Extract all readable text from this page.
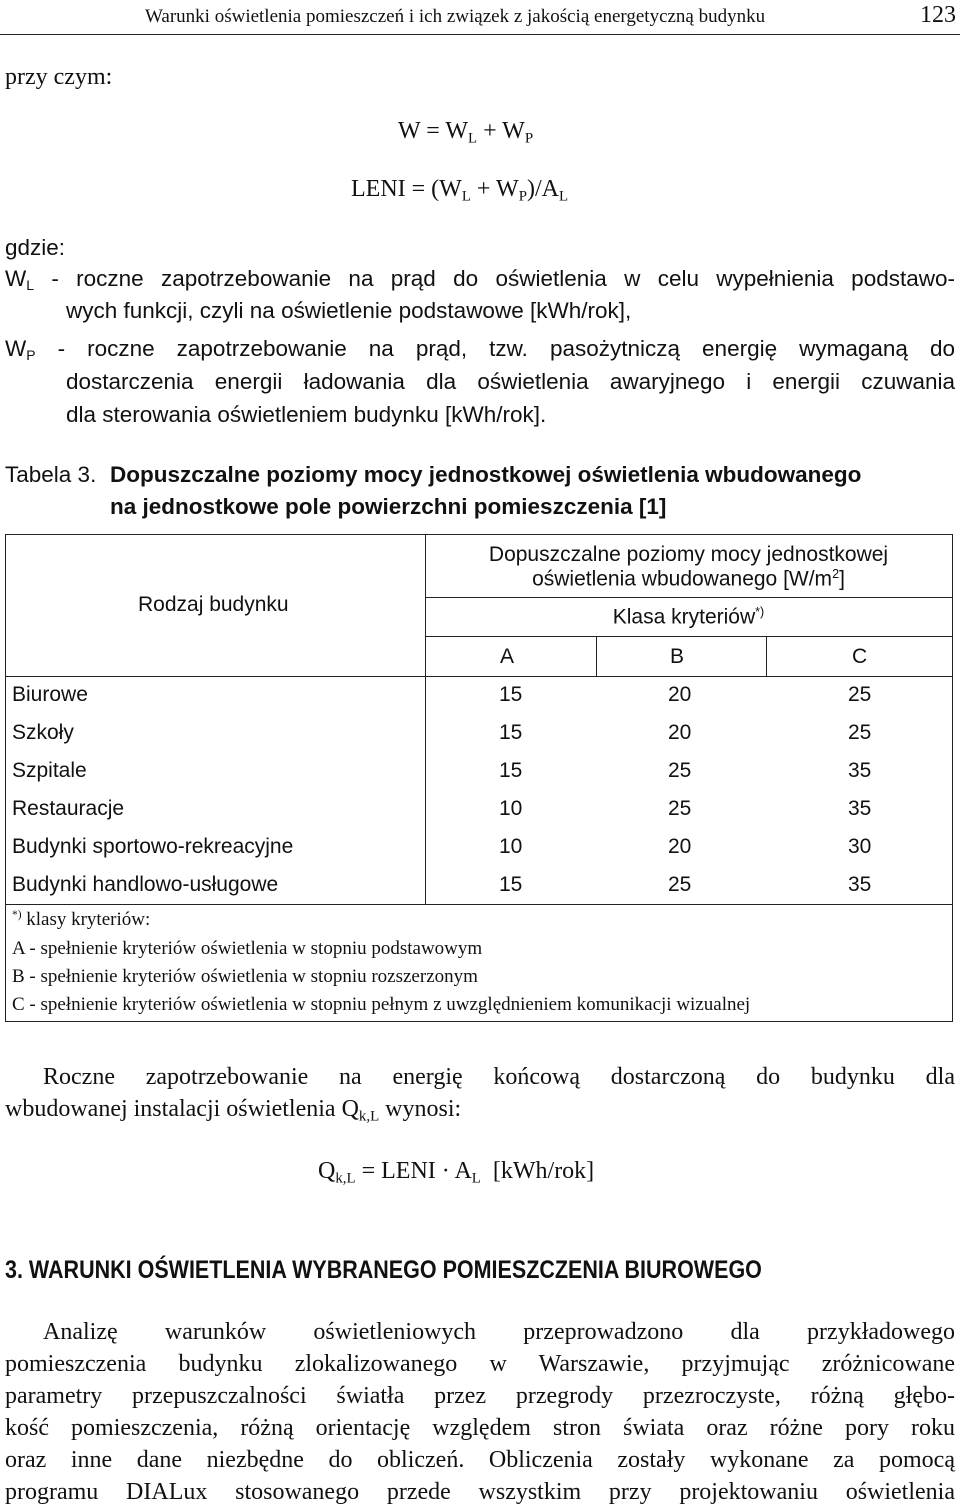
Warunki oświetlenia pomieszczeń i ich związek z jakością energetyczną budynku	123
przy czym:
$W = W_L + W_P$
LENI = $(W_L + W_P)/A_L$
gdzie:
$W_L$ - roczne zapotrzebowanie na prąd do oświetlenia w celu wypełnienia podstawo-
wych funkcji, czyli na oświetlenie podstawowe [kWh/rok],
$W_P$ - roczne zapotrzebowanie na prąd, tzw. pasożytniczą energię wymaganą do
dostarczenia energii ładowania dla oświetlenia awaryjnego i energii czuwania
dla sterowania oświetleniem budynku [kWh/rok].
Tabela 3. Dopuszczalne poziomy mocy jednostkowej oświetlenia wbudowanego
na jednostkowe pole powierzchni pomieszczenia [1]
Rodzaj budynku
Dopuszczalne poziomy mocy jednostkowej
oświetlenia wbudowanego $[W/m^2]$
Klasa kryteriów*)
A	B	C
Biurowe	15	20	25
Szkoły	15	20	25
Szpitale	15	25	35
Restauracje	10	25	35
Budynki sportowo-rekreacyjne	10	20	30
Budynki handlowo-usługowe	15	25	35
*) klasy kryteriów:
A - spełnienie kryteriów oświetlenia w stopniu podstawowym
B - spełnienie kryteriów oświetlenia w stopniu rozszerzonym
C - spełnienie kryteriów oświetlenia w stopniu pełnym z uwzględnieniem komunikacji wizualnej
Roczne zapotrzebowanie na energię końcową dostarczoną do budynku dla
wbudowanej instalacji oświetlenia $Q_{k,L}$ wynosi:
$Q_{k,L}$ = LENI · $A_L$ [kWh/rok]
3. WARUNKI OŚWIETLENIA WYBRANEGO POMIESZCZENIA BIUROWEGO
Analizę warunków oświetleniowych przeprowadzono dla przykładowego
pomieszczenia budynku zlokalizowanego w Warszawie, przyjmując zróżnicowane
parametry przepuszczalności światła przez przegrody przezroczyste, różną głębo-
kość pomieszczenia, różną orientację względem stron świata oraz różne pory roku
oraz inne dane niezbędne do obliczeń. Obliczenia zostały wykonane za pomocą
programu DIALux stosowanego przede wszystkim przy projektowaniu oświetlenia
